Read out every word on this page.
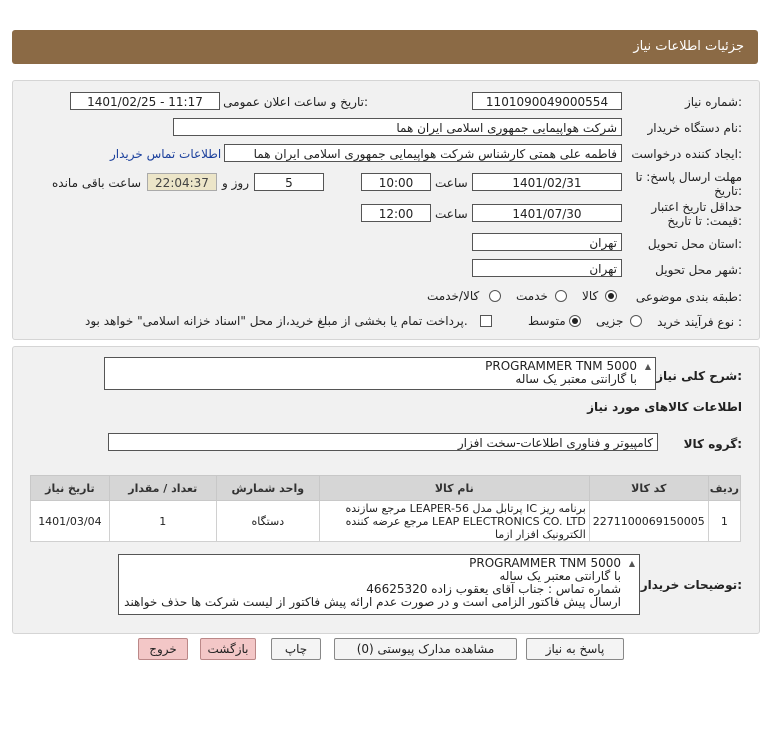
جزئیات اطلاعات نیاز
شماره نیاز:
1101090049000554
تاریخ و ساعت اعلان عمومی:
1401/02/25 - 11:17
نام دستگاه خریدار:
شرکت هواپیمایی جمهوری اسلامی ایران هما
ایجاد کننده درخواست:
فاطمه علی همتی کارشناس شرکت هواپیمایی جمهوری اسلامی ایران هما
اطلاعات تماس خریدار
مهلت ارسال پاسخ: تا
تاریخ:
1401/02/31
ساعت
10:00
5
روز و
22:04:37
ساعت باقی مانده
حداقل تاریخ اعتبار
قیمت: تا تاریخ:
1401/07/30
ساعت
12:00
استان محل تحویل:
تهران
شهر محل تحویل:
تهران
طبقه بندی موضوعی:
کالا
خدمت
کالا/خدمت
نوع فرآیند خرید :
جزیی
متوسط
پرداخت تمام یا بخشی از مبلغ خرید،از محل "اسناد خزانه اسلامی" خواهد بود.
شرح کلی نیاز:
▲
PROGRAMMER TNM 5000
با گارانتی معتبر یک ساله
اطلاعات کالاهای مورد نیاز
گروه کالا:
کامپیوتر و فناوری اطلاعات-سخت افزار
ردیف	کد کالا	نام کالا	واحد شمارش	تعداد / مقدار	تاریخ نیاز
1	2271100069150005	برنامه ریز IC پرتابل مدل LEAPER-56 مرجع سازنده LEAP ELECTRONICS CO. LTD مرجع عرضه کننده الکترونیک افزار ازما	دستگاه	1	1401/03/04
توضیحات خریدار:
▲
PROGRAMMER TNM 5000
با گارانتی معتبر یک ساله
شماره تماس : جناب آقای یعقوب زاده 46625320
ارسال پیش فاکتور الزامی است و در صورت عدم ارائه پیش فاکتور از لیست شرکت ها حذف خواهند
پاسخ به نیاز
مشاهده مدارک پیوستی (0)
چاپ
بازگشت
خروج
